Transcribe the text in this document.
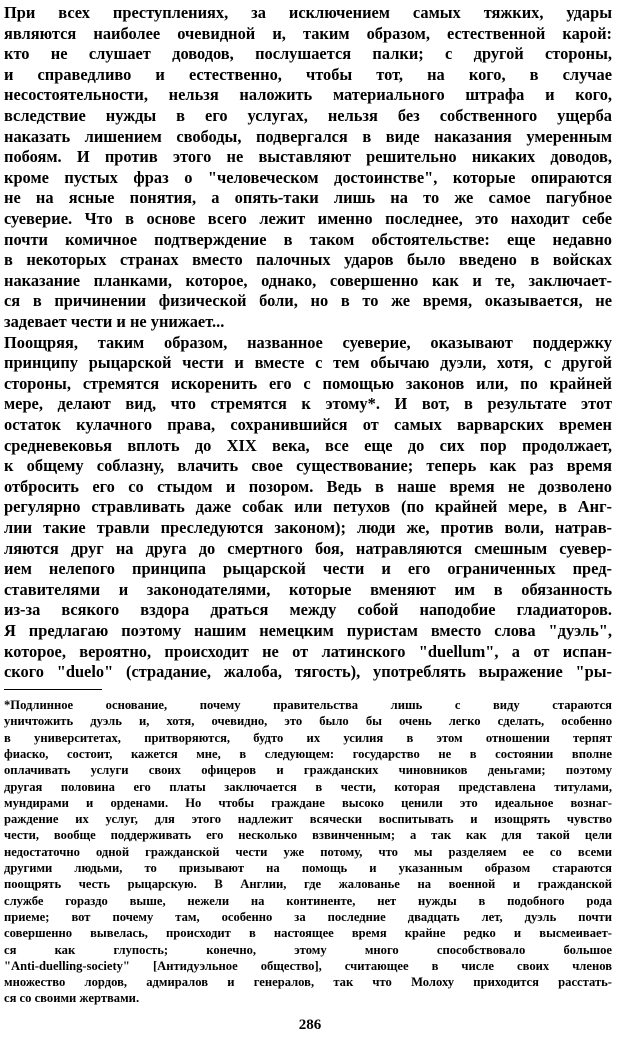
При всех преступлениях, за исключением самых тяжких, удары
являются наиболее очевидной и, таким образом, естественной карой:
кто не слушает доводов, послушается палки; с другой стороны,
и справедливо и естественно, чтобы тот, на кого, в случае
несостоятельности, нельзя наложить материального штрафа и кого,
вследствие нужды в его услугах, нельзя без собственного ущерба
наказать лишением свободы, подвергался в виде наказания умеренным
побоям. И против этого не выставляют решительно никаких доводов,
кроме пустых фраз о "человеческом достоинстве", которые опираются
не на ясные понятия, а опять-таки лишь на то же самое пагубное
суеверие. Что в основе всего лежит именно последнее, это находит себе
почти комичное подтверждение в таком обстоятельстве: еще недавно
в некоторых странах вместо палочных ударов было введено в войсках
наказание планками, которое, однако, совершенно как и те, заключает-
ся в причинении физической боли, но в то же время, оказывается, не
задевает чести и не унижает...
Поощряя, таким образом, названное суеверие, оказывают поддержку
принципу рыцарской чести и вместе с тем обычаю дуэли, хотя, с другой
стороны, стремятся искоренить его с помощью законов или, по крайней
мере, делают вид, что стремятся к этому*. И вот, в результате этот
остаток кулачного права, сохранившийся от самых варварских времен
средневековья вплоть до XIX века, все еще до сих пор продолжает,
к общему соблазну, влачить свое существование; теперь как раз время
отбросить его со стыдом и позором. Ведь в наше время не дозволено
регулярно стравливать даже собак или петухов (по крайней мере, в Анг-
лии такие травли преследуются законом); люди же, против воли, натрав-
ляются друг на друга до смертного боя, натравляются смешным суевер-
ием нелепого принципа рыцарской чести и его ограниченных пред-
ставителями и законодателями, которые вменяют им в обязанность
из-за всякого вздора драться между собой наподобие гладиаторов.
Я предлагаю поэтому нашим немецким пуристам вместо слова "дуэль",
которое, вероятно, происходит не от латинского "duellum", а от испан-
ского "duelo" (страдание, жалоба, тягость), употреблять выражение "ры-
*Подлинное основание, почему правительства лишь с виду стараются
уничтожить дуэль и, хотя, очевидно, это было бы очень легко сделать, особенно
в университетах, притворяются, будто их усилия в этом отношении терпят
фиаско, состоит, кажется мне, в следующем: государство не в состоянии вполне
оплачивать услуги своих офицеров и гражданских чиновников деньгами; поэтому
другая половина его платы заключается в чести, которая представлена титулами,
мундирами и орденами. Но чтобы граждане высоко ценили это идеальное вознаг-
раждение их услуг, для этого надлежит всячески воспитывать и изощрять чувство
чести, вообще поддерживать его несколько взвинченным; а так как для такой цели
недостаточно одной гражданской чести уже потому, что мы разделяем ее со всеми
другими людьми, то призывают на помощь и указанным образом стараются
поощрять честь рыцарскую. В Англии, где жалованье на военной и гражданской
службе гораздо выше, нежели на континенте, нет нужды в подобного рода
приеме; вот почему там, особенно за последние двадцать лет, дуэль почти
совершенно вывелась, происходит в настоящее время крайне редко и высмеивает-
ся как глупость; конечно, этому много способствовало большое
"Anti-duelling-society" [Антидуэльное общество], считающее в числе своих членов
множество лордов, адмиралов и генералов, так что Молоху приходится расстать-
ся со своими жертвами.
286
